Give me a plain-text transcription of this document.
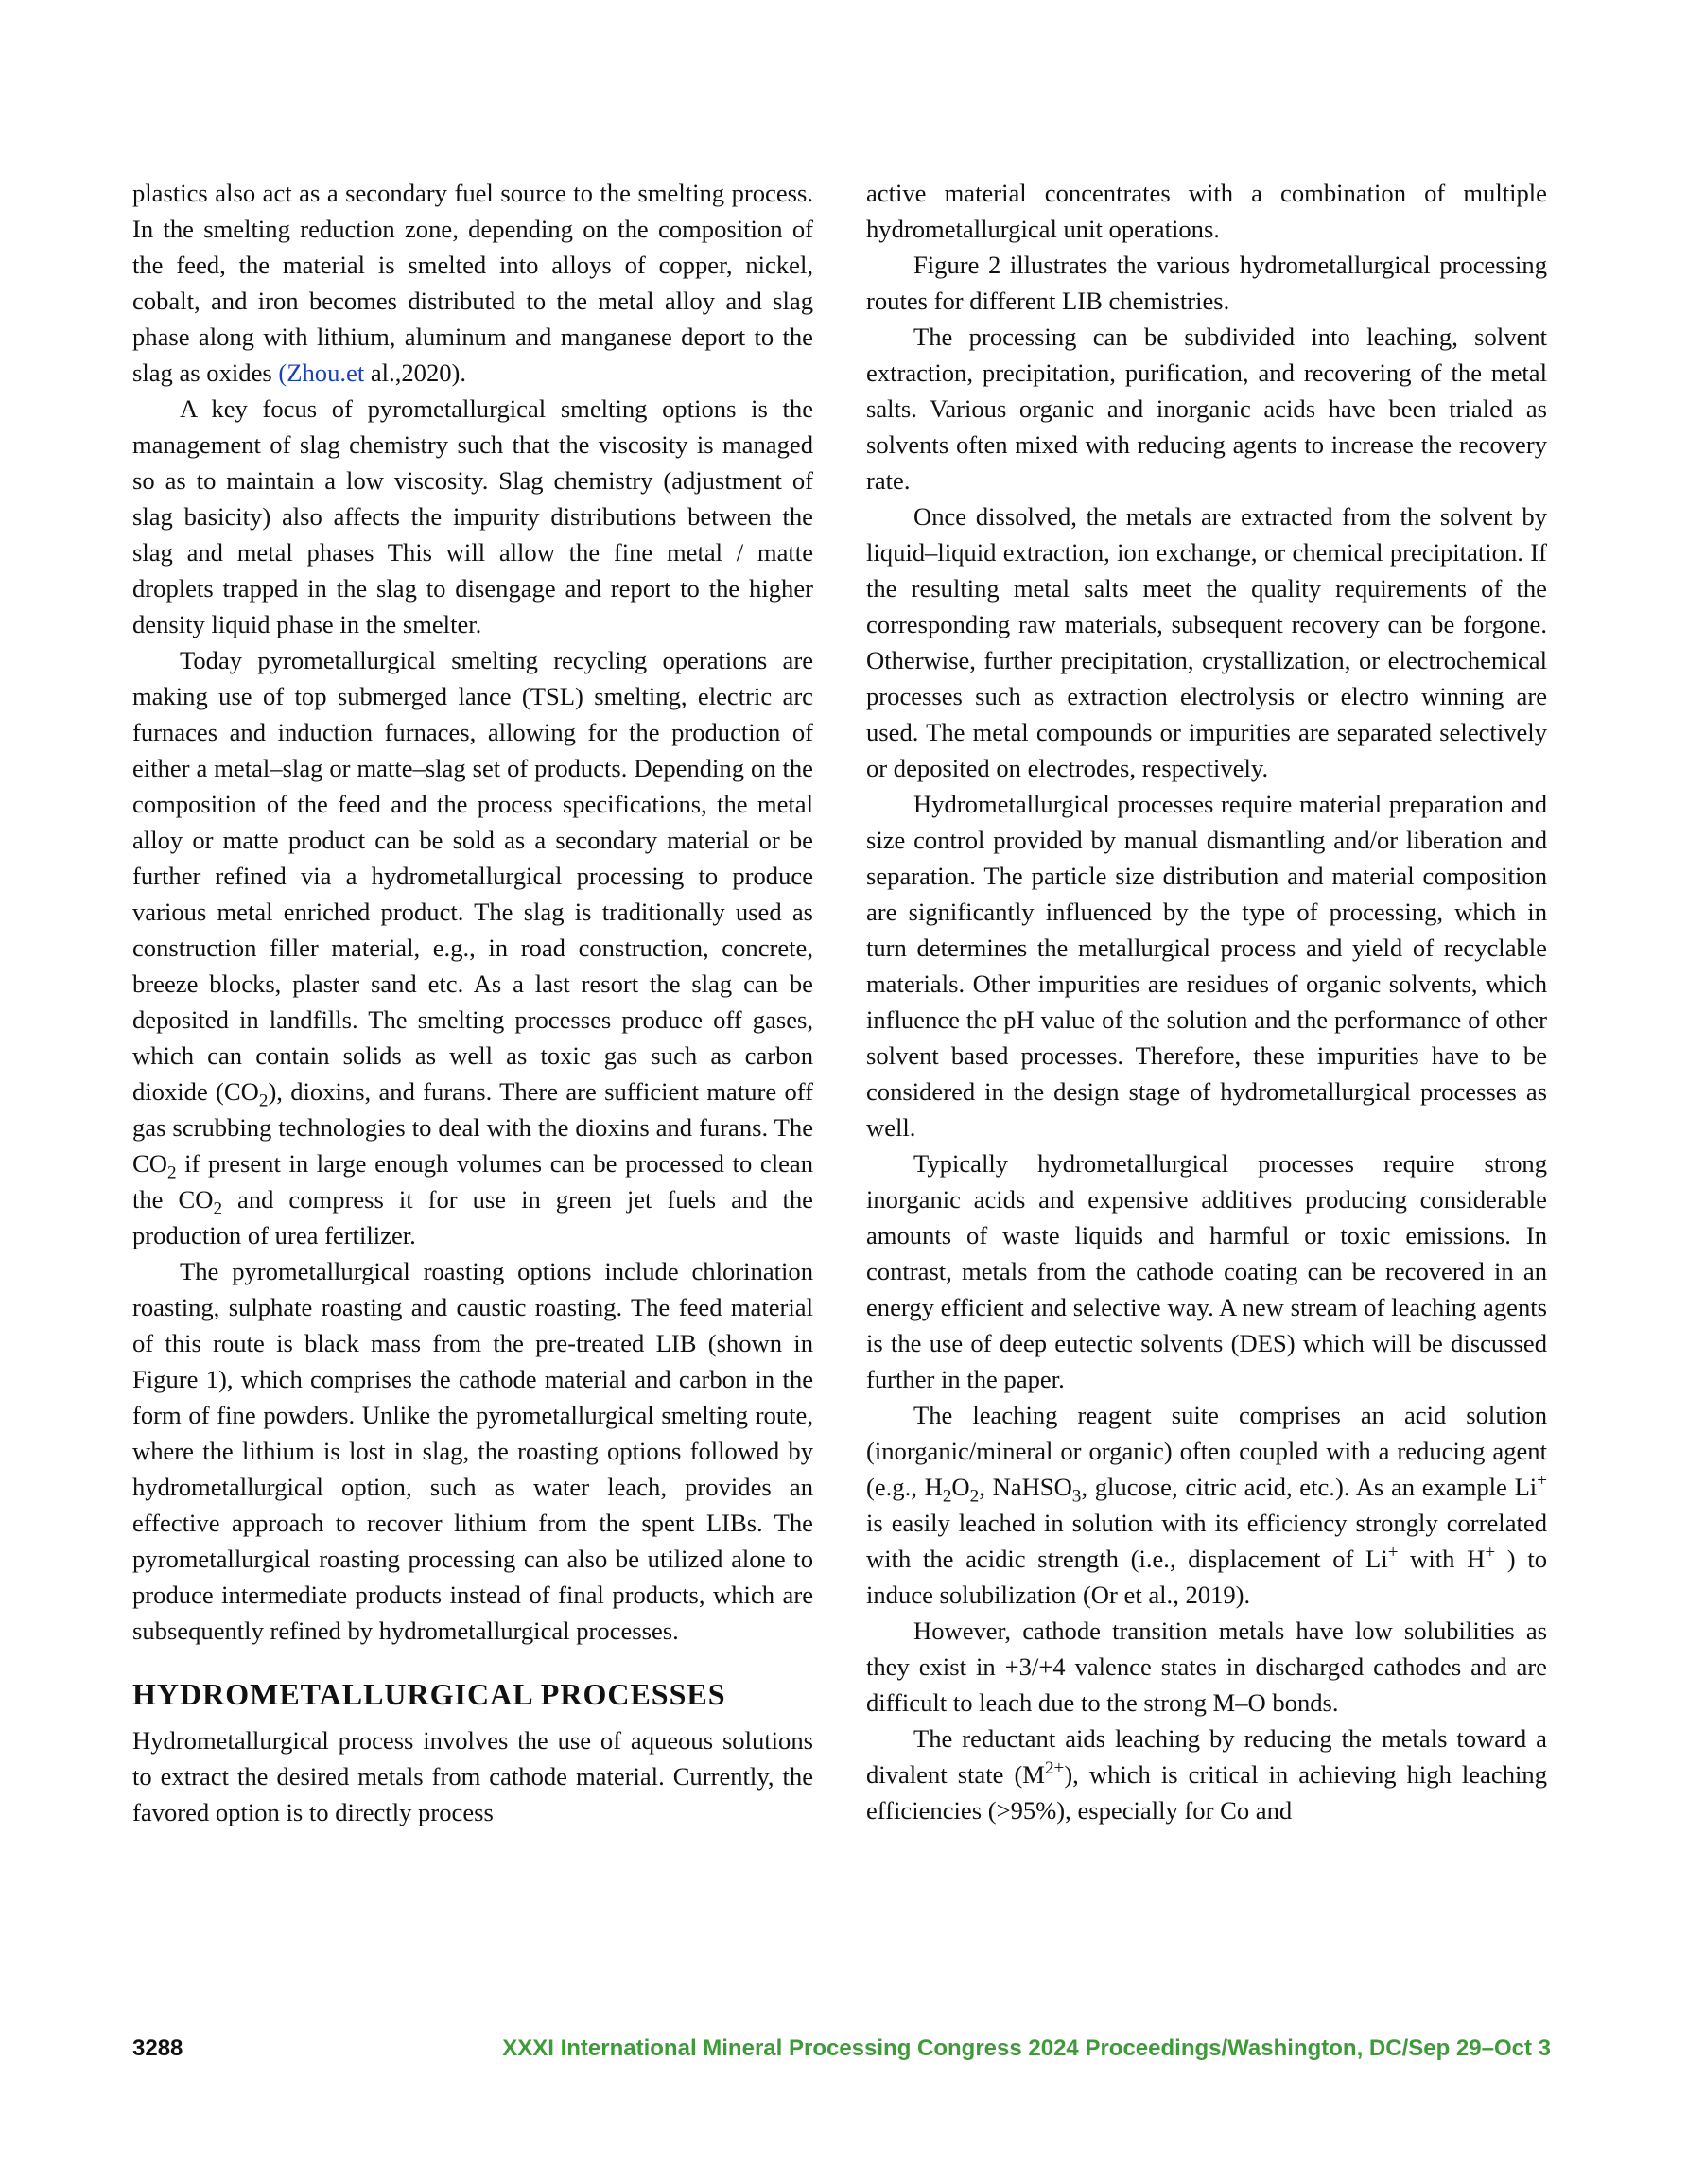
plastics also act as a secondary fuel source to the smelting process. In the smelting reduction zone, depending on the composition of the feed, the material is smelted into alloys of copper, nickel, cobalt, and iron becomes distributed to the metal alloy and slag phase along with lithium, aluminum and manganese deport to the slag as oxides (Zhou.et al.,2020).

A key focus of pyrometallurgical smelting options is the management of slag chemistry such that the viscosity is managed so as to maintain a low viscosity. Slag chemistry (adjustment of slag basicity) also affects the impurity distributions between the slag and metal phases This will allow the fine metal / matte droplets trapped in the slag to disengage and report to the higher density liquid phase in the smelter.

Today pyrometallurgical smelting recycling operations are making use of top submerged lance (TSL) smelting, electric arc furnaces and induction furnaces, allowing for the production of either a metal–slag or matte–slag set of products. Depending on the composition of the feed and the process specifications, the metal alloy or matte product can be sold as a secondary material or be further refined via a hydrometallurgical processing to produce various metal enriched product. The slag is traditionally used as construction filler material, e.g., in road construction, concrete, breeze blocks, plaster sand etc. As a last resort the slag can be deposited in landfills. The smelting processes produce off gases, which can contain solids as well as toxic gas such as carbon dioxide $(CO_2)$, dioxins, and furans. There are sufficient mature off gas scrubbing technologies to deal with the dioxins and furans. The $CO_2$ if present in large enough volumes can be processed to clean the $CO_2$ and compress it for use in green jet fuels and the production of urea fertilizer.

The pyrometallurgical roasting options include chlorination roasting, sulphate roasting and caustic roasting. The feed material of this route is black mass from the pre-treated LIB (shown in Figure 1), which comprises the cathode material and carbon in the form of fine powders. Unlike the pyrometallurgical smelting route, where the lithium is lost in slag, the roasting options followed by hydrometallurgical option, such as water leach, provides an effective approach to recover lithium from the spent LIBs. The pyrometallurgical roasting processing can also be utilized alone to produce intermediate products instead of final products, which are subsequently refined by hydrometallurgical processes.

HYDROMETALLURGICAL PROCESSES

Hydrometallurgical process involves the use of aqueous solutions to extract the desired metals from cathode material. Currently, the favored option is to directly process

active material concentrates with a combination of multiple hydrometallurgical unit operations.

Figure 2 illustrates the various hydrometallurgical processing routes for different LIB chemistries.

The processing can be subdivided into leaching, solvent extraction, precipitation, purification, and recovering of the metal salts. Various organic and inorganic acids have been trialed as solvents often mixed with reducing agents to increase the recovery rate.

Once dissolved, the metals are extracted from the solvent by liquid–liquid extraction, ion exchange, or chemical precipitation. If the resulting metal salts meet the quality requirements of the corresponding raw materials, subsequent recovery can be forgone. Otherwise, further precipitation, crystallization, or electrochemical processes such as extraction electrolysis or electro winning are used. The metal compounds or impurities are separated selectively or deposited on electrodes, respectively.

Hydrometallurgical processes require material preparation and size control provided by manual dismantling and/or liberation and separation. The particle size distribution and material composition are significantly influenced by the type of processing, which in turn determines the metallurgical process and yield of recyclable materials. Other impurities are residues of organic solvents, which influence the pH value of the solution and the performance of other solvent based processes. Therefore, these impurities have to be considered in the design stage of hydrometallurgical processes as well.

Typically hydrometallurgical processes require strong inorganic acids and expensive additives producing considerable amounts of waste liquids and harmful or toxic emissions. In contrast, metals from the cathode coating can be recovered in an energy efficient and selective way. A new stream of leaching agents is the use of deep eutectic solvents (DES) which will be discussed further in the paper.

The leaching reagent suite comprises an acid solution (inorganic/mineral or organic) often coupled with a reducing agent (e.g., $H_2O_2$, NaHSO$_3$, glucose, citric acid, etc.). As an example Li+ is easily leached in solution with its efficiency strongly correlated with the acidic strength (i.e., displacement of Li+ with H+ ) to induce solubilization (Or et al., 2019).

However, cathode transition metals have low solubilities as they exist in +3/+4 valence states in discharged cathodes and are difficult to leach due to the strong M–O bonds.

The reductant aids leaching by reducing the metals toward a divalent state $(M^{2+})$, which is critical in achieving high leaching efficiencies (>95%), especially for Co and

3288	XXXI International Mineral Processing Congress 2024 Proceedings/Washington, DC/Sep 29–Oct 3
